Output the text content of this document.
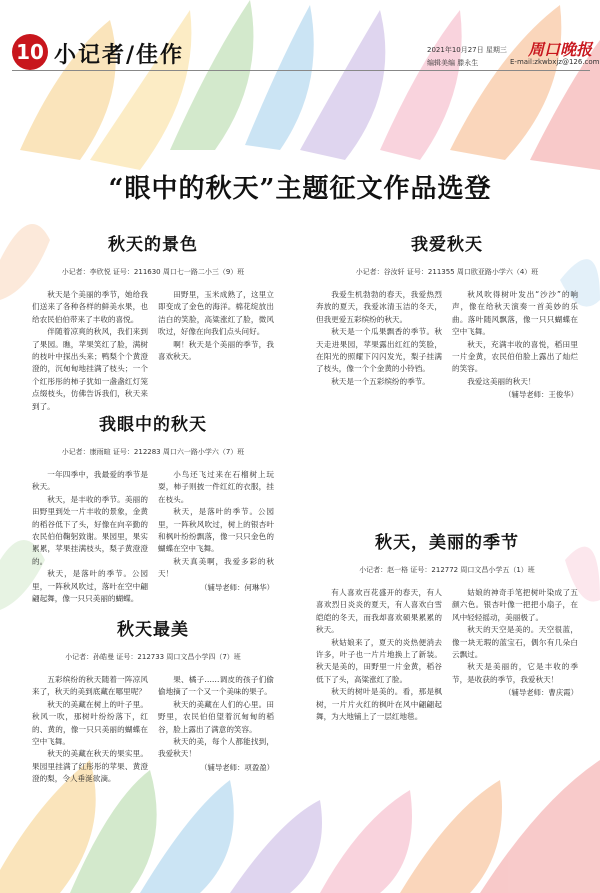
10 小记者/佳作	2021年10月27日 星期三
编辑美编 滕永生
周口晚报
E-mail:zkwbxjz@126.com
“眼中的秋天”主题征文作品选登
秋天的景色
小记者：李欣悦 证号：211630 周口七一路二小三（9）班

秋天是个美丽的季节，她给我们送来了各种各样的鲜美水果，也给农民伯伯带来了丰收的喜悦。

伴随着凉爽的秋风，我们来到了果园。瞧，苹果笑红了脸，满树的枝叶中探出头来；鸭梨个个黄澄澄的，沉甸甸地挂满了枝头；一个个红彤彤的柿子犹如一盏盏红灯笼点缀枝头，仿佛告诉我们，秋天来到了。

田野里，玉米成熟了，这里立即变成了金色的海洋。棉花绽放出洁白的笑脸，高粱涨红了脸，微风吹过，好像在向我们点头问好。

啊！秋天是个美丽的季节，我喜欢秋天。

我眼中的秋天
小记者：康雨暄 证号：212283 周口六一路小学六（7）班

一年四季中，我最爱的季节是秋天。

秋天，是丰收的季节。美丽的田野里到处一片丰收的景象，金黄的稻谷低下了头，好像在向辛勤的农民伯伯鞠躬致谢。果园里，果实累累，苹果挂满枝头，梨子黄澄澄的。

秋天，是落叶的季节。公园里，一阵秋风吹过，落叶在空中翩翩起舞，像一只只美丽的蝴蝶。

小鸟还飞过来在石榴树上玩耍，柿子则披一件红红的衣服，挂在枝头。

秋天，是落叶的季节。公园里，一阵秋风吹过，树上的银杏叶和枫叶纷纷飘落，像一只只金色的蝴蝶在空中飞舞。

秋天真美啊，我爱多彩的秋天！

（辅导老师：何琳华）
秋天最美
小记者：孙皓曼 证号：212733 周口文昌小学四（7）班

五彩缤纷的秋天随着一阵凉风来了，秋天的美到底藏在哪里呢？

秋天的美藏在树上的叶子里。秋风一吹，那树叶纷纷落下，红的、黄的，像一只只美丽的蝴蝶在空中飞舞。

秋天的美藏在秋天的果实里。果园里挂满了红彤彤的苹果、黄澄澄的梨，令人垂涎欲滴。

果、橘子……调皮的孩子们偷偷地摘了一个又一个美味的果子。

秋天的美藏在人们的心里。田野里，农民伯伯望着沉甸甸的稻谷，脸上露出了满意的笑容。

秋天的美，每个人都能找到，我爱秋天！

（辅导老师：项盈盈）
我爱秋天
小记者：谷汝轩 证号：211355 周口欧亚路小学六（4）班

我爱生机勃勃的春天，我爱热烈奔放的夏天，我爱冰清玉洁的冬天，但我更爱五彩缤纷的秋天。

秋天是一个瓜果飘香的季节。秋天走进果园，苹果露出红红的笑脸，在阳光的照耀下闪闪发光，梨子挂满了枝头，像一个个金黄的小铃铛。

秋天是一个五彩缤纷的季节。

秋风吹得树叶发出“沙沙”的响声，像在给秋天演奏一首美妙的乐曲。落叶随风飘落，像一只只蝴蝶在空中飞舞。

秋天，充满丰收的喜悦，稻田里一片金黄，农民伯伯脸上露出了灿烂的笑容。

我爱这美丽的秋天！

（辅导老师：王俊华）
秋天，美丽的季节
小记者：赵一格 证号：212772 周口文昌小学五（1）班

有人喜欢百花盛开的春天，有人喜欢烈日炎炎的夏天，有人喜欢白雪皑皑的冬天，而我却喜欢硕果累累的秋天。

秋姑娘来了，夏天的炎热便消去许多，叶子也一片片地换上了新装。秋天是美的，田野里一片金黄，稻谷低下了头，高粱涨红了脸。

秋天的树叶是美的。看，那是枫树，一片片火红的枫叶在风中翩翩起舞，为大地铺上了一层红地毯。

姑娘的神奇手笔把树叶染成了五颜六色。银杏叶像一把把小扇子，在风中轻轻摇动，美丽极了。

秋天的天空是美的。天空很蓝，像一块无瑕的蓝宝石，偶尔有几朵白云飘过。

秋天是美丽的，它是丰收的季节，是收获的季节，我爱秋天！

（辅导老师：曹庆霞）
